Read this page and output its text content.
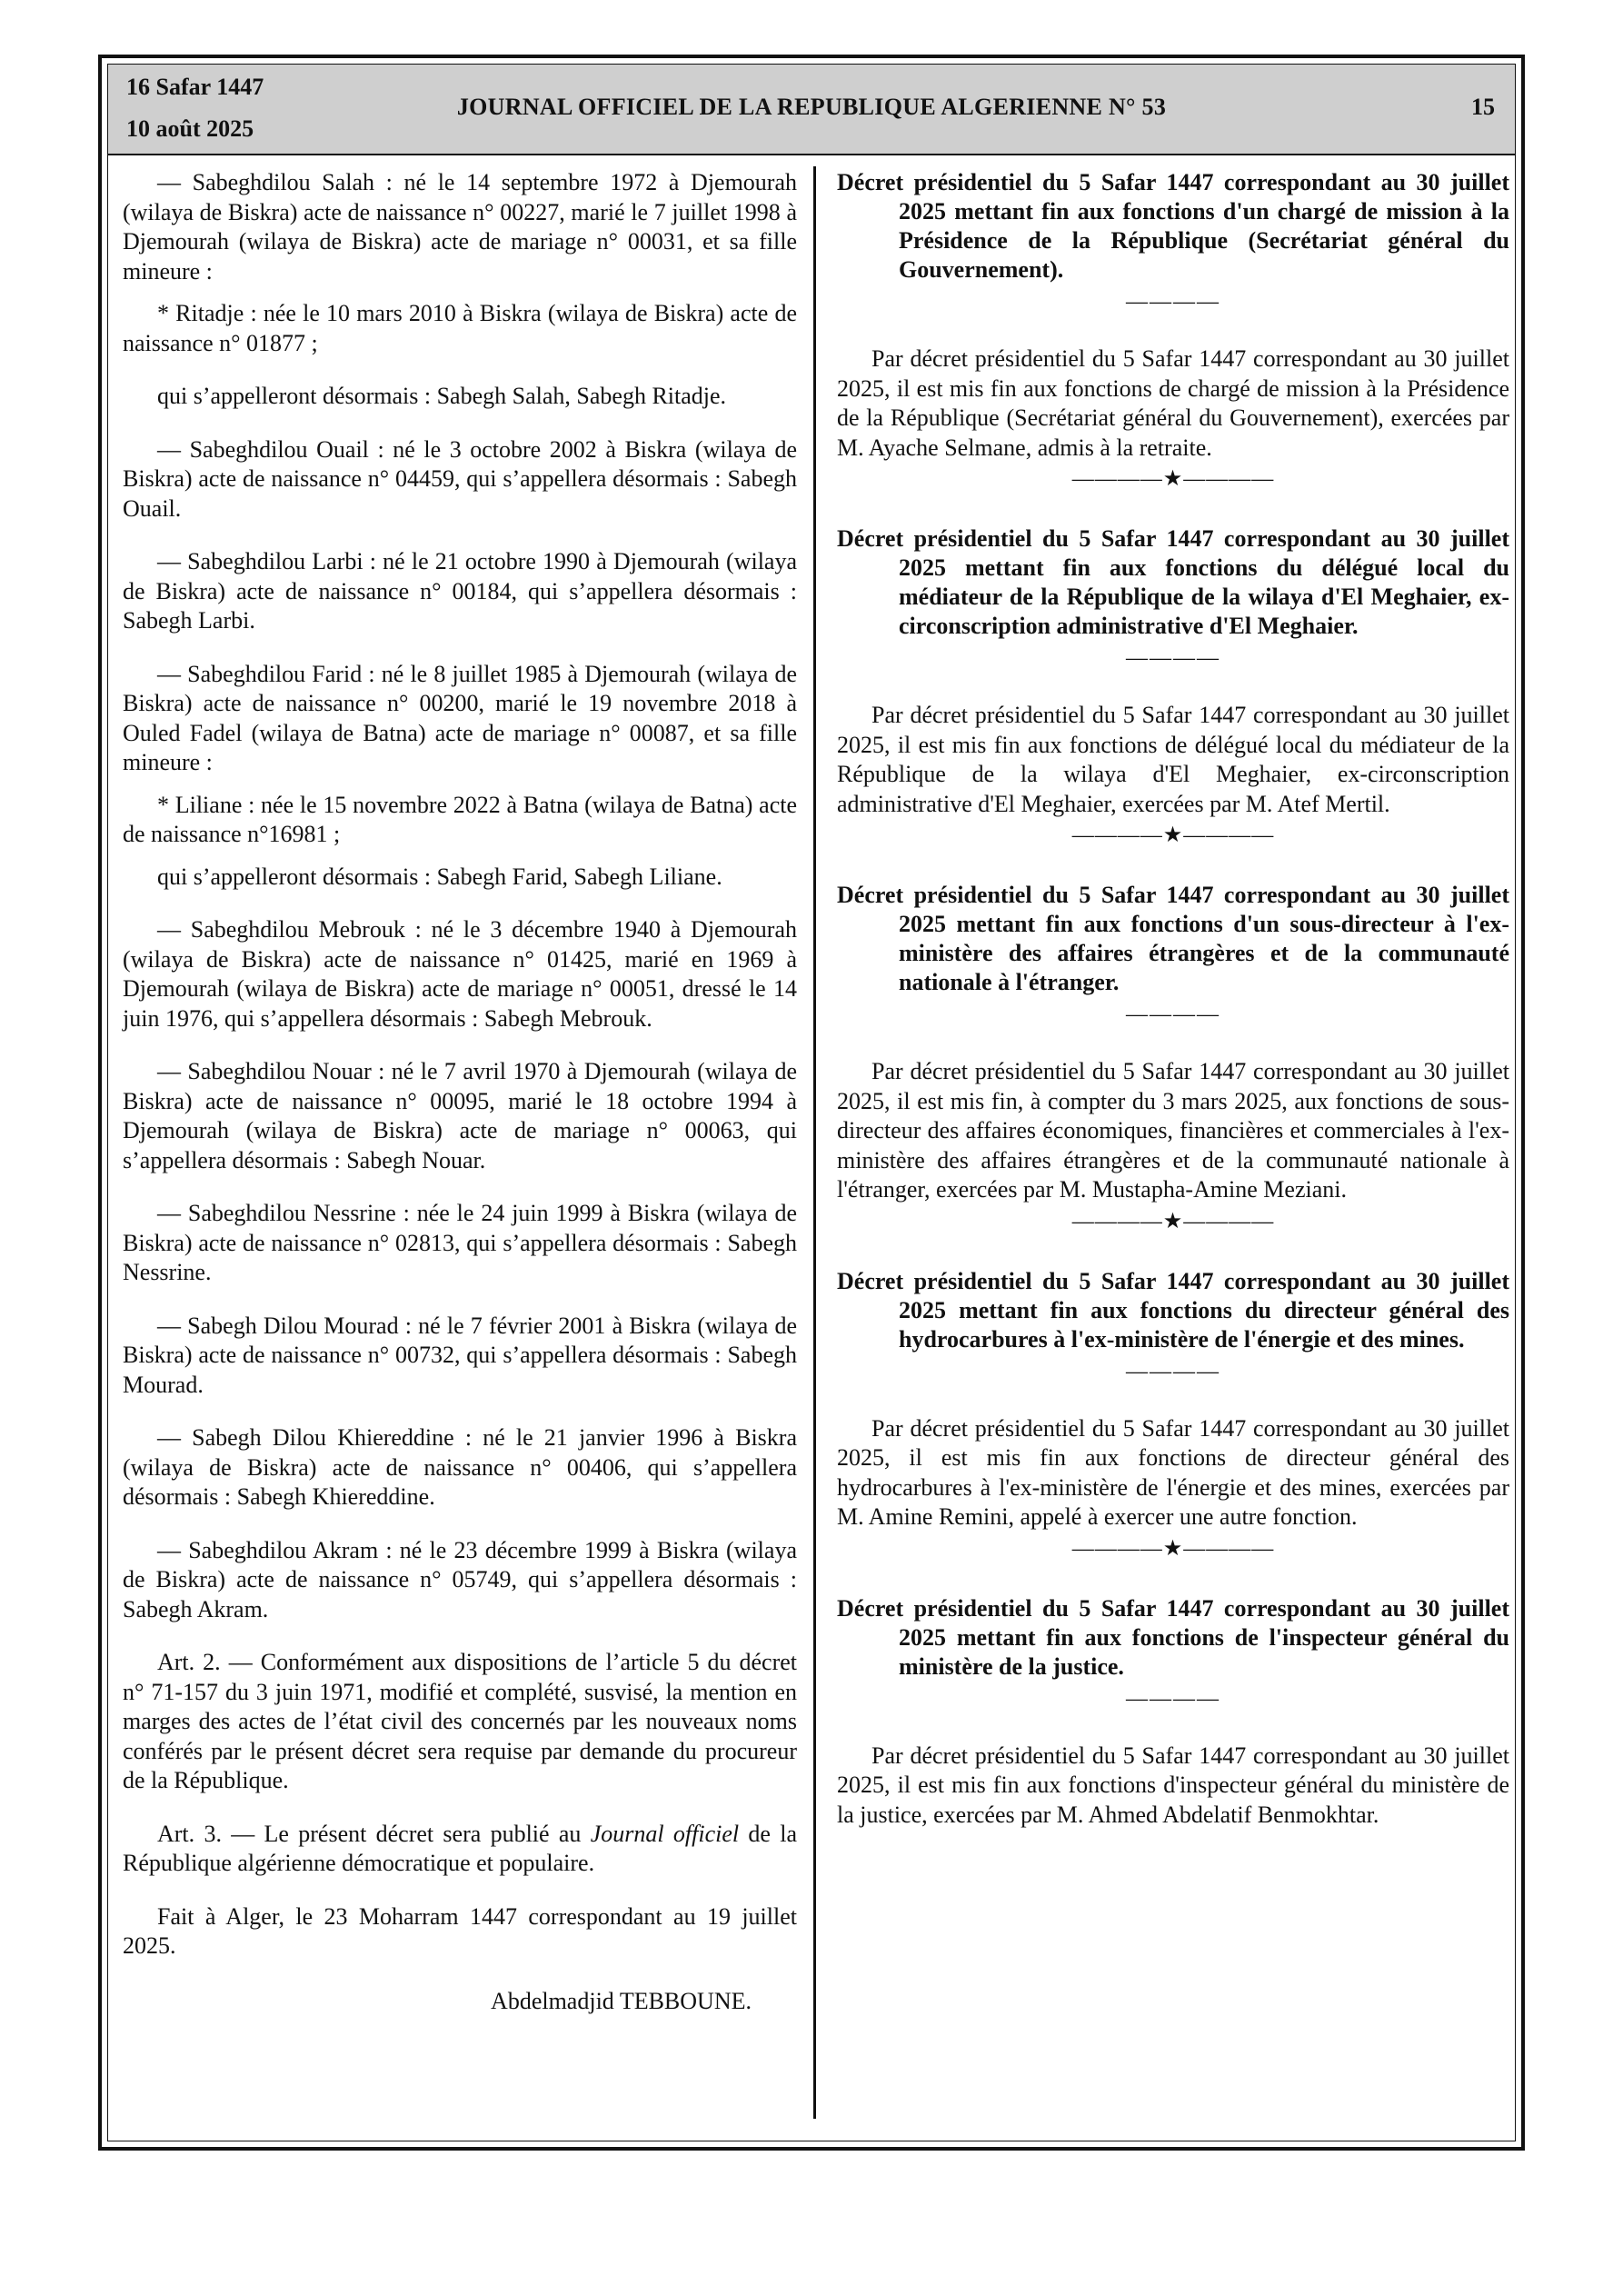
16 Safar 1447
10 août 2025
JOURNAL OFFICIEL DE LA REPUBLIQUE ALGERIENNE N° 53	15

— Sabeghdilou Salah : né le 14 septembre 1972 à Djemourah (wilaya de Biskra) acte de naissance n° 00227, marié le 7 juillet 1998 à Djemourah (wilaya de Biskra) acte de mariage n° 00031, et sa fille mineure :

* Ritadje : née le 10 mars 2010 à Biskra (wilaya de Biskra) acte de naissance n° 01877 ;

qui s’appelleront désormais : Sabegh Salah, Sabegh Ritadje.

— Sabeghdilou Ouail : né le 3 octobre 2002 à Biskra (wilaya de Biskra) acte de naissance n° 04459, qui s’appellera désormais : Sabegh Ouail.

— Sabeghdilou Larbi : né le 21 octobre 1990 à Djemourah (wilaya de Biskra) acte de naissance n° 00184, qui s’appellera désormais : Sabegh Larbi.

— Sabeghdilou Farid : né le 8 juillet 1985 à Djemourah (wilaya de Biskra) acte de naissance n° 00200, marié le 19 novembre 2018 à Ouled Fadel (wilaya de Batna) acte de mariage n° 00087, et sa fille mineure :

* Liliane : née le 15 novembre 2022 à Batna (wilaya de Batna) acte de naissance n°16981 ;

qui s’appelleront désormais : Sabegh Farid, Sabegh Liliane.

— Sabeghdilou Mebrouk : né le 3 décembre 1940 à Djemourah (wilaya de Biskra) acte de naissance n° 01425, marié en 1969 à Djemourah (wilaya de Biskra) acte de mariage n° 00051, dressé le 14 juin 1976, qui s’appellera désormais : Sabegh Mebrouk.

— Sabeghdilou Nouar : né le 7 avril 1970 à Djemourah (wilaya de Biskra) acte de naissance n° 00095, marié le 18 octobre 1994 à Djemourah (wilaya de Biskra) acte de mariage n° 00063, qui s’appellera désormais : Sabegh Nouar.

— Sabeghdilou Nessrine : née le 24 juin 1999 à Biskra (wilaya de Biskra) acte de naissance n° 02813, qui s’appellera désormais : Sabegh Nessrine.

— Sabegh Dilou Mourad : né le 7 février 2001 à Biskra (wilaya de Biskra) acte de naissance n° 00732, qui s’appellera désormais : Sabegh Mourad.

— Sabegh Dilou Khiereddine : né le 21 janvier 1996 à Biskra (wilaya de Biskra) acte de naissance n° 00406, qui s’appellera désormais : Sabegh Khiereddine.

— Sabeghdilou Akram : né le 23 décembre 1999 à Biskra (wilaya de Biskra) acte de naissance n° 05749, qui s’appellera désormais : Sabegh Akram.

Art. 2. — Conformément aux dispositions de l’article 5 du décret n° 71-157 du 3 juin 1971, modifié et complété, susvisé, la mention en marges des actes de l’état civil des concernés par les nouveaux noms conférés par le présent décret sera requise par demande du procureur de la République.

Art. 3. — Le présent décret sera publié au Journal officiel de la République algérienne démocratique et populaire.

Fait à Alger, le 23 Moharram 1447 correspondant au 19 juillet 2025.

Abdelmadjid TEBBOUNE.

Décret présidentiel du 5 Safar 1447 correspondant au 30 juillet 2025 mettant fin aux fonctions d'un chargé de mission à la Présidence de la République (Secrétariat général du Gouvernement).

————

Par décret présidentiel du 5 Safar 1447 correspondant au 30 juillet 2025, il est mis fin aux fonctions de chargé de mission à la Présidence de la République (Secrétariat général du Gouvernement), exercées par M. Ayache Selmane, admis à la retraite.

————★————

Décret présidentiel du 5 Safar 1447 correspondant au 30 juillet 2025 mettant fin aux fonctions du délégué local du médiateur de la République de la wilaya d'El Meghaier, ex-circonscription administrative d'El Meghaier.

————

Par décret présidentiel du 5 Safar 1447 correspondant au 30 juillet 2025, il est mis fin aux fonctions de délégué local du médiateur de la République de la wilaya d'El Meghaier, ex-circonscription administrative d'El Meghaier, exercées par M. Atef Mertil.

————★————

Décret présidentiel du 5 Safar 1447 correspondant au 30 juillet 2025 mettant fin aux fonctions d'un sous-directeur à l'ex-ministère des affaires étrangères et de la communauté nationale à l'étranger.

————

Par décret présidentiel du 5 Safar 1447 correspondant au 30 juillet 2025, il est mis fin, à compter du 3 mars 2025, aux fonctions de sous-directeur des affaires économiques, financières et commerciales à l'ex-ministère des affaires étrangères et de la communauté nationale à l'étranger, exercées par M. Mustapha-Amine Meziani.

————★————

Décret présidentiel du 5 Safar 1447 correspondant au 30 juillet 2025 mettant fin aux fonctions du directeur général des hydrocarbures à l'ex-ministère de l'énergie et des mines.

————

Par décret présidentiel du 5 Safar 1447 correspondant au 30 juillet 2025, il est mis fin aux fonctions de directeur général des hydrocarbures à l'ex-ministère de l'énergie et des mines, exercées par M. Amine Remini, appelé à exercer une autre fonction.

————★————

Décret présidentiel du 5 Safar 1447 correspondant au 30 juillet 2025 mettant fin aux fonctions de l'inspecteur général du ministère de la justice.

————

Par décret présidentiel du 5 Safar 1447 correspondant au 30 juillet 2025, il est mis fin aux fonctions d'inspecteur général du ministère de la justice, exercées par M. Ahmed Abdelatif Benmokhtar.
